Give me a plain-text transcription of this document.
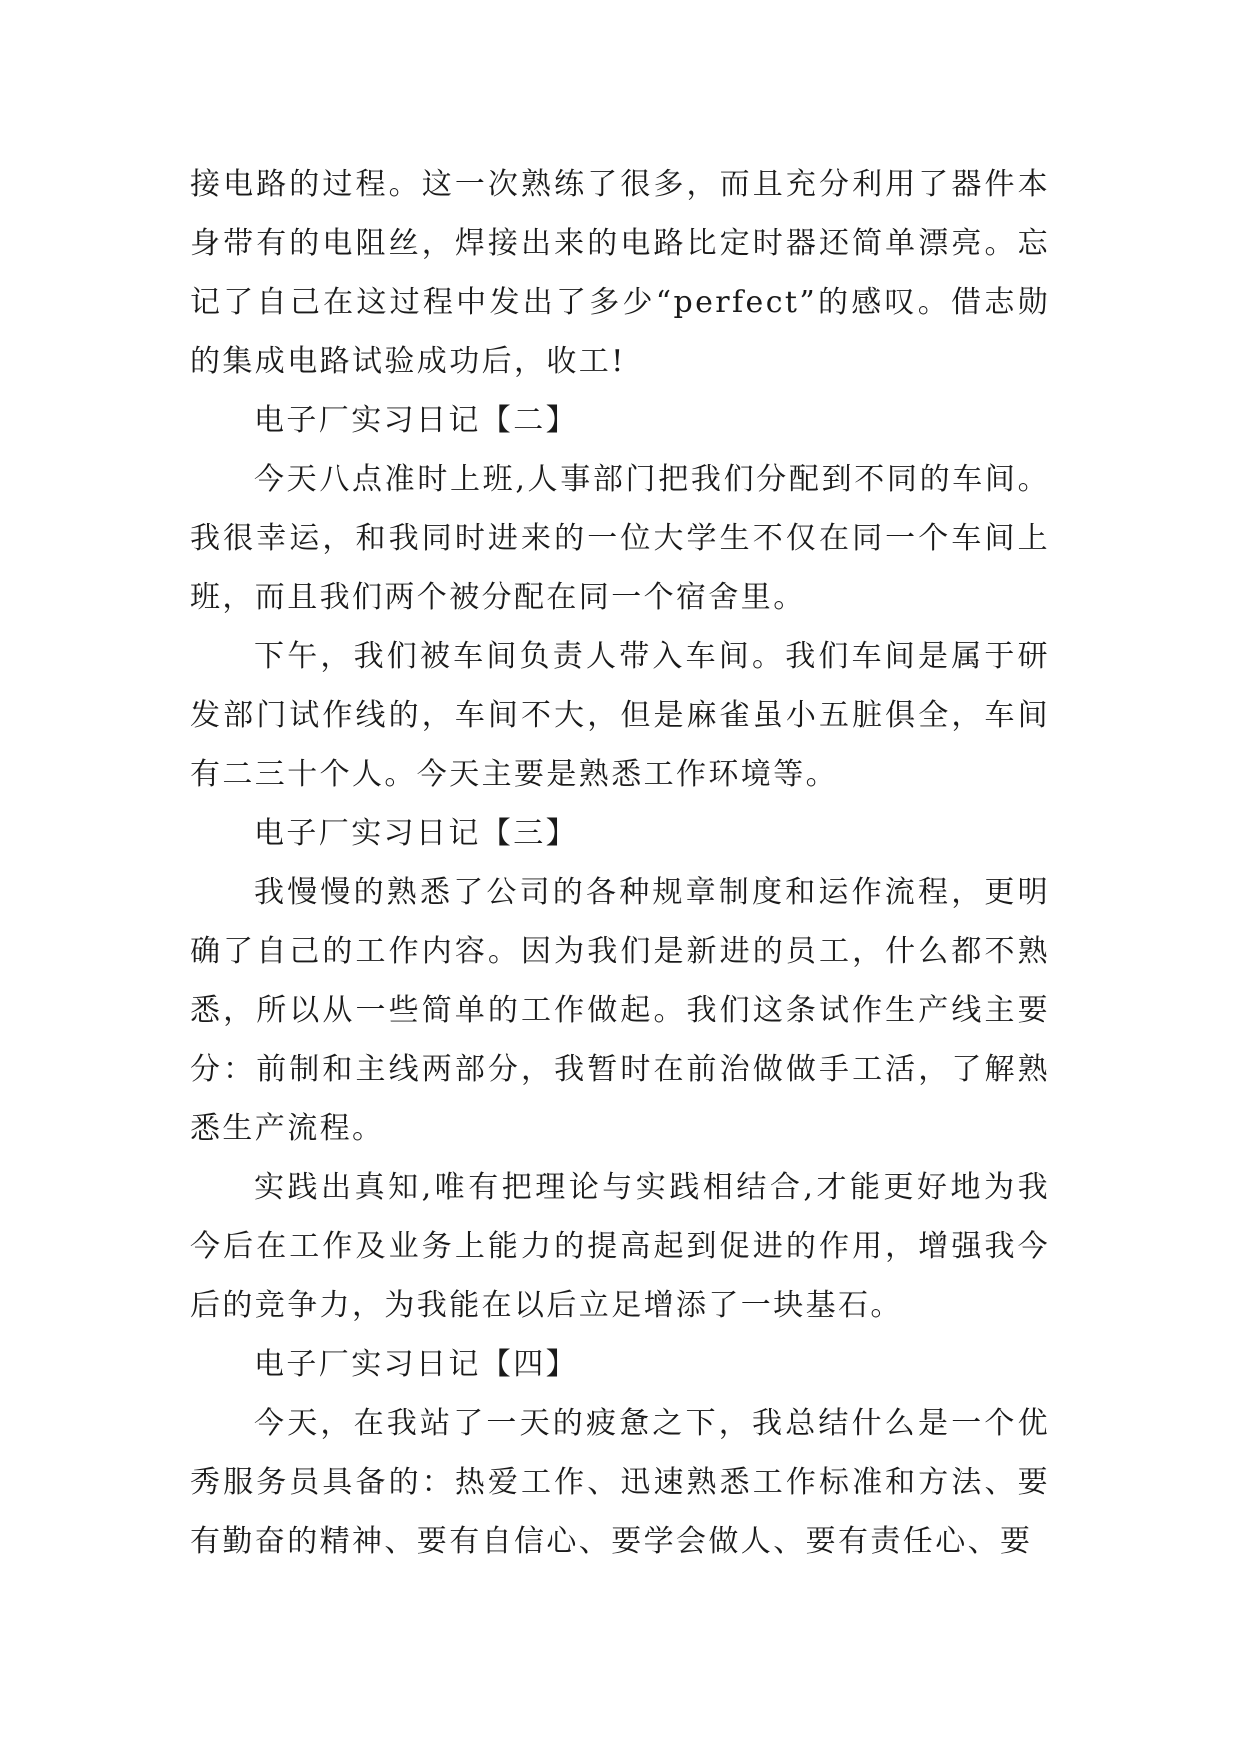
接电路的过程。这一次熟练了很多，而且充分利用了器件本身带有的电阻丝，焊接出来的电路比定时器还简单漂亮。忘记了自己在这过程中发出了多少“perfect”的感叹。借志勋的集成电路试验成功后，收工!

电子厂实习日记【二】

今天八点准时上班,人事部门把我们分配到不同的车间。我很幸运，和我同时进来的一位大学生不仅在同一个车间上班，而且我们两个被分配在同一个宿舍里。

下午，我们被车间负责人带入车间。我们车间是属于研发部门试作线的，车间不大，但是麻雀虽小五脏俱全，车间有二三十个人。今天主要是熟悉工作环境等。

电子厂实习日记【三】

我慢慢的熟悉了公司的各种规章制度和运作流程，更明确了自己的工作内容。因为我们是新进的员工，什么都不熟悉，所以从一些简单的工作做起。我们这条试作生产线主要分：前制和主线两部分，我暂时在前治做做手工活，了解熟悉生产流程。

实践出真知,唯有把理论与实践相结合,才能更好地为我今后在工作及业务上能力的提高起到促进的作用，增强我今后的竞争力，为我能在以后立足增添了一块基石。

电子厂实习日记【四】

今天，在我站了一天的疲惫之下，我总结什么是一个优秀服务员具备的：热爱工作、迅速熟悉工作标准和方法、要有勤奋的精神、要有自信心、要学会做人、要有责任心、要
